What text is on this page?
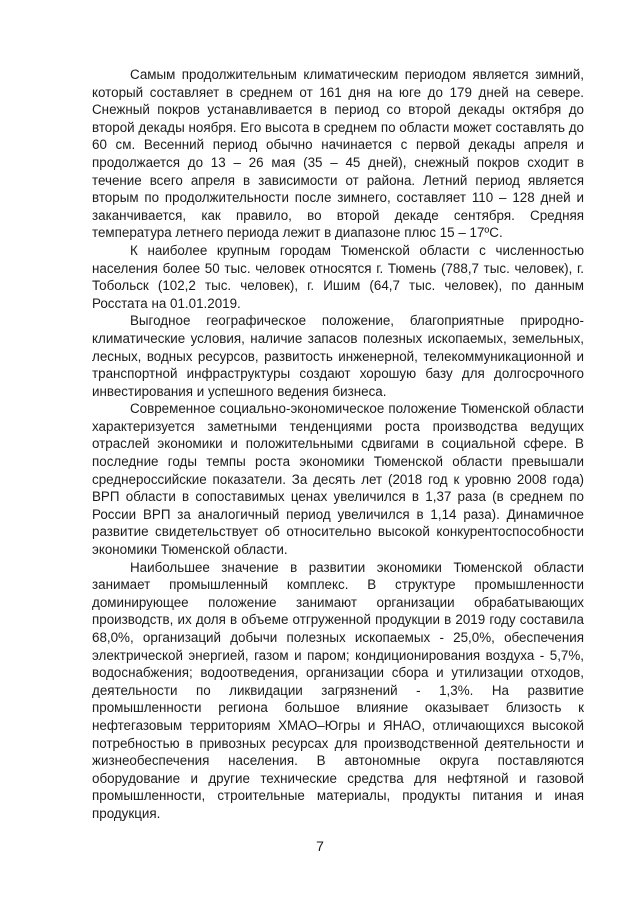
Самым продолжительным климатическим периодом является зимний, который составляет в среднем от 161 дня на юге до 179 дней на севере. Снежный покров устанавливается в период со второй декады октября до второй декады ноября. Его высота в среднем по области может составлять до 60 см. Весенний период обычно начинается с первой декады апреля и продолжается до 13 – 26 мая (35 – 45 дней), снежный покров сходит в течение всего апреля в зависимости от района. Летний период является вторым по продолжительности после зимнего, составляет 110 – 128 дней и заканчивается, как правило, во второй декаде сентября. Средняя температура летнего периода лежит в диапазоне плюс 15 – 17ºС.

К наиболее крупным городам Тюменской области с численностью населения более 50 тыс. человек относятся г. Тюмень (788,7 тыс. человек), г. Тобольск (102,2 тыс. человек), г. Ишим (64,7 тыс. человек), по данным Росстата на 01.01.2019.

Выгодное географическое положение, благоприятные природно-климатические условия, наличие запасов полезных ископаемых, земельных, лесных, водных ресурсов, развитость инженерной, телекоммуникационной и транспортной инфраструктуры создают хорошую базу для долгосрочного инвестирования и успешного ведения бизнеса.

Современное социально-экономическое положение Тюменской области характеризуется заметными тенденциями роста производства ведущих отраслей экономики и положительными сдвигами в социальной сфере. В последние годы темпы роста экономики Тюменской области превышали среднероссийские показатели. За десять лет (2018 год к уровню 2008 года) ВРП области в сопоставимых ценах увеличился в 1,37 раза (в среднем по России ВРП за аналогичный период увеличился в 1,14 раза). Динамичное развитие свидетельствует об относительно высокой конкурентоспособности экономики Тюменской области.

Наибольшее значение в развитии экономики Тюменской области занимает промышленный комплекс. В структуре промышленности доминирующее положение занимают организации обрабатывающих производств, их доля в объеме отгруженной продукции в 2019 году составила 68,0%, организаций добычи полезных ископаемых - 25,0%, обеспечения электрической энергией, газом и паром; кондиционирования воздуха - 5,7%, водоснабжения; водоотведения, организации сбора и утилизации отходов, деятельности по ликвидации загрязнений - 1,3%. На развитие промышленности региона большое влияние оказывает близость к нефтегазовым территориям ХМАО–Югры и ЯНАО, отличающихся высокой потребностью в привозных ресурсах для производственной деятельности и жизнеобеспечения населения. В автономные округа поставляются оборудование и другие технические средства для нефтяной и газовой промышленности, строительные материалы, продукты питания и иная продукция.

7
